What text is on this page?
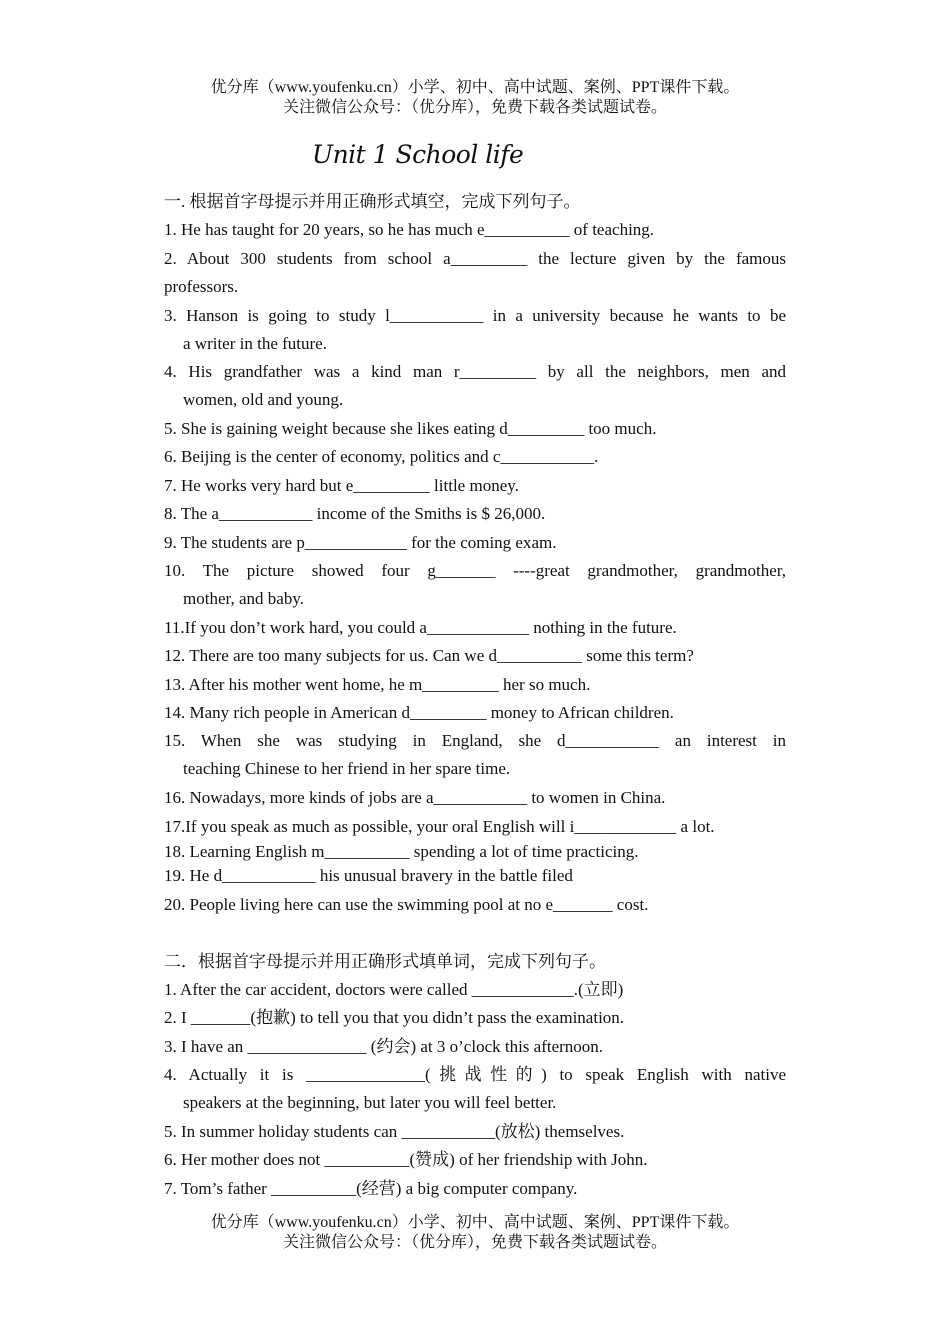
优分库（www.youfenku.cn）小学、初中、高中试题、案例、PPT课件下载。
关注微信公众号：（优分库），免费下载各类试题试卷。
Unit 1 School life
一. 根据首字母提示并用正确形式填空，完成下列句子。
1. He has taught for 20 years, so he has much e__________ of teaching.
2. About 300 students from school a_________ the lecture given by the famous
professors.
3. Hanson is going to study l___________ in a university because he wants to be
a writer in the future.
4. His grandfather was a kind man r_________ by all the neighbors, men and
women, old and young.
5. She is gaining weight because she likes eating d_________ too much.
6. Beijing is the center of economy, politics and c___________.
7. He works very hard but e_________ little money.
8. The a___________ income of the Smiths is $ 26,000.
9. The students are p____________ for the coming exam.
10. The picture showed four g_______ ----great grandmother, grandmother,
mother, and baby.
11.If you don’t work hard, you could a____________ nothing in the future.
12. There are too many subjects for us. Can we d__________ some this term?
13. After his mother went home, he m_________ her so much.
14. Many rich people in American d_________ money to African children.
15. When she was studying in England, she d___________ an interest in
teaching Chinese to her friend in her spare time.
16. Nowadays, more kinds of jobs are a___________ to women in China.
17.If you speak as much as possible, your oral English will i____________ a lot.
18. Learning English m__________ spending a lot of time practicing.
19. He d___________ his unusual bravery in the battle filed
20. People living here can use the swimming pool at no e_______ cost.
二．根据首字母提示并用正确形式填单词，完成下列句子。
1. After the car accident, doctors were called ____________.(立即)
2. I _______(抱歉) to tell you that you didn’t pass the examination.
3. I have an ______________ (约会) at 3 o’clock this afternoon.
4. Actually it is ______________(挑战性的) to speak English with native
speakers at the beginning, but later you will feel better.
5. In summer holiday students can ___________(放松) themselves.
6. Her mother does not __________(赞成) of her friendship with John.
7. Tom’s father __________(经营) a big computer company.
优分库（www.youfenku.cn）小学、初中、高中试题、案例、PPT课件下载。
关注微信公众号：（优分库），免费下载各类试题试卷。
